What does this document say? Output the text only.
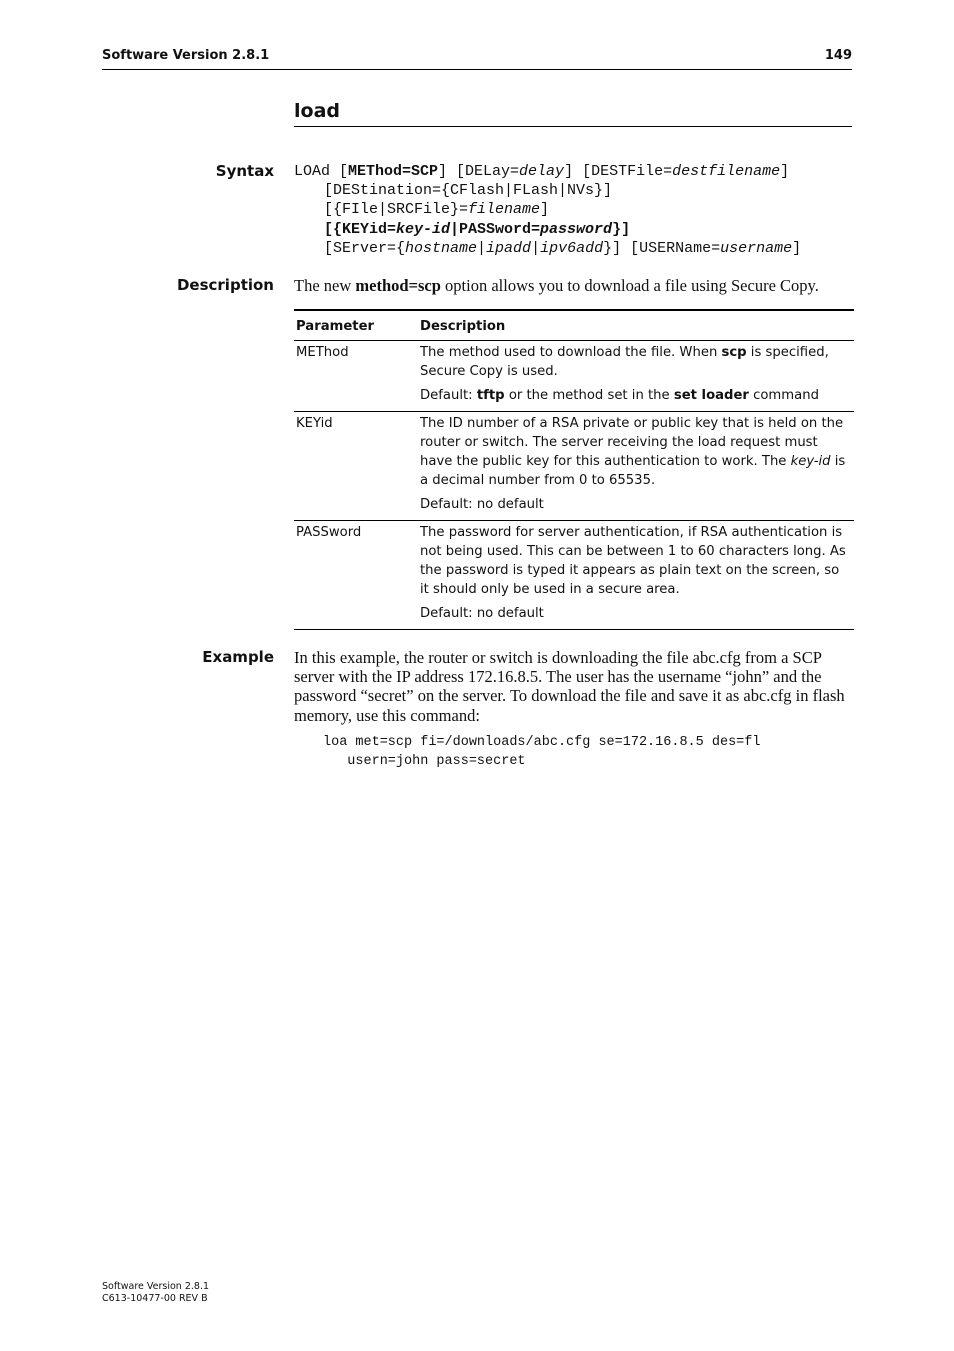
Software Version 2.8.1	149
load
Syntax LOAd [METhod=SCP] [DELay=delay] [DESTFile=destfilename]
[DEStination={CFlash|FLash|NVs}]
[{FIle|SRCFile}=filename]
[{KEYid=key-id|PASSword=password}]
[SErver={hostname|ipadd|ipv6add}] [USERName=username]
Description The new method=scp option allows you to download a file using Secure Copy.
Parameter	Description
METhod	The method used to download the file. When scp is specified, Secure Copy is used.
Default: tftp or the method set in the set loader command

KEYid	The ID number of a RSA private or public key that is held on the router or switch. The server receiving the load request must have the public key for this authentication to work. The key-id is a decimal number from 0 to 65535.
Default: no default

PASSword	The password for server authentication, if RSA authentication is not being used. This can be between 1 to 60 characters long. As the password is typed it appears as plain text on the screen, so it should only be used in a secure area.
Default: no default
Example In this example, the router or switch is downloading the file abc.cfg from a SCP server with the IP address 172.16.8.5. The user has the username “john” and the password “secret” on the server. To download the file and save it as abc.cfg in flash memory, use this command:
loa met=scp fi=/downloads/abc.cfg se=172.16.8.5 des=fl
usern=john pass=secret
Software Version 2.8.1
C613-10477-00 REV B
